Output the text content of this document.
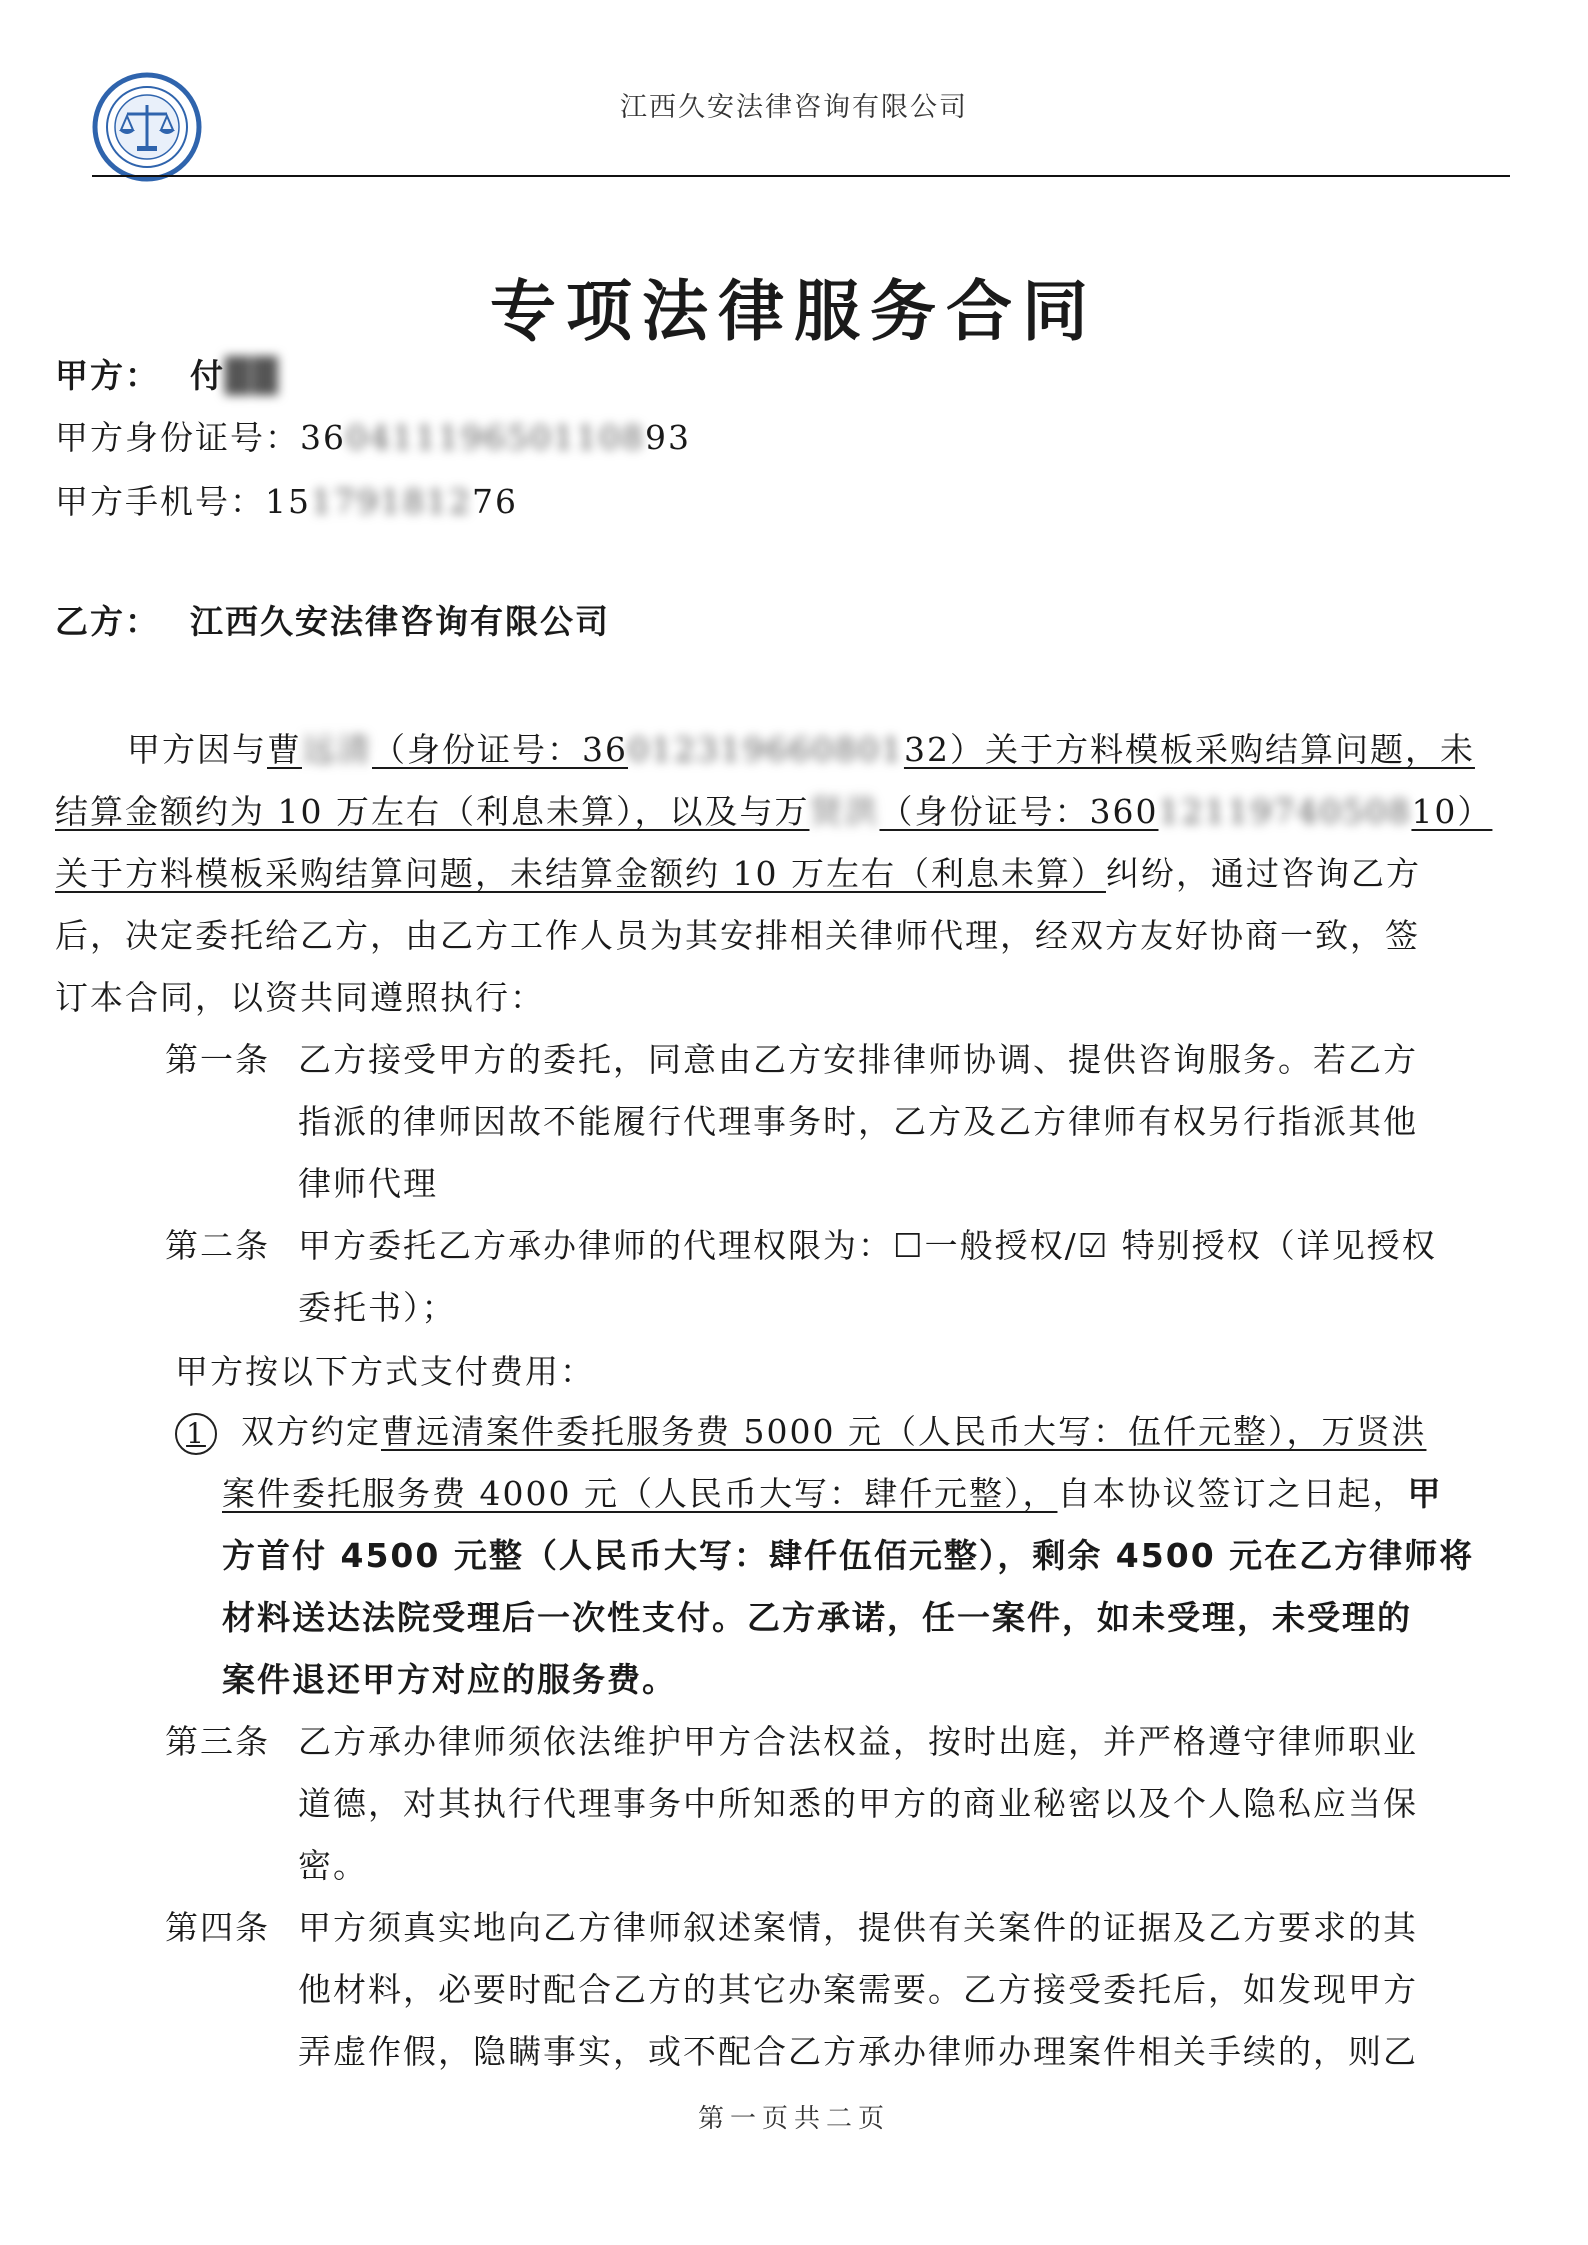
江西久安法律咨询有限公司
专项法律服务合同
甲方： 付██
甲方身份证号：36041119650110893
甲方手机号：15179181276
乙方： 江西久安法律咨询有限公司
甲方因与曹远清（身份证号：3601231966080132）关于方料模板采购结算问题，未
结算金额约为 10 万左右（利息未算），以及与万贤洪（身份证号：3601211974050810）
关于方料模板采购结算问题，未结算金额约 10 万左右（利息未算）纠纷，通过咨询乙方
后，决定委托给乙方，由乙方工作人员为其安排相关律师代理，经双方友好协商一致，签
订本合同，以资共同遵照执行：
第一条 乙方接受甲方的委托，同意由乙方安排律师协调、提供咨询服务。若乙方
指派的律师因故不能履行代理事务时，乙方及乙方律师有权另行指派其他
律师代理
第二条 甲方委托乙方承办律师的代理权限为：☐一般授权/☑ 特别授权（详见授权
委托书）；
甲方按以下方式支付费用：
1 双方约定曹远清案件委托服务费 5000 元（人民币大写：伍仟元整），万贤洪
案件委托服务费 4000 元（人民币大写：肆仟元整），自本协议签订之日起，甲
方首付 4500 元整（人民币大写：肆仟伍佰元整），剩余 4500 元在乙方律师将
材料送达法院受理后一次性支付。乙方承诺，任一案件，如未受理，未受理的
案件退还甲方对应的服务费。
第三条 乙方承办律师须依法维护甲方合法权益，按时出庭，并严格遵守律师职业
道德，对其执行代理事务中所知悉的甲方的商业秘密以及个人隐私应当保
密。
第四条 甲方须真实地向乙方律师叙述案情，提供有关案件的证据及乙方要求的其
他材料，必要时配合乙方的其它办案需要。乙方接受委托后，如发现甲方
弄虚作假，隐瞒事实，或不配合乙方承办律师办理案件相关手续的，则乙
第一页共二页
